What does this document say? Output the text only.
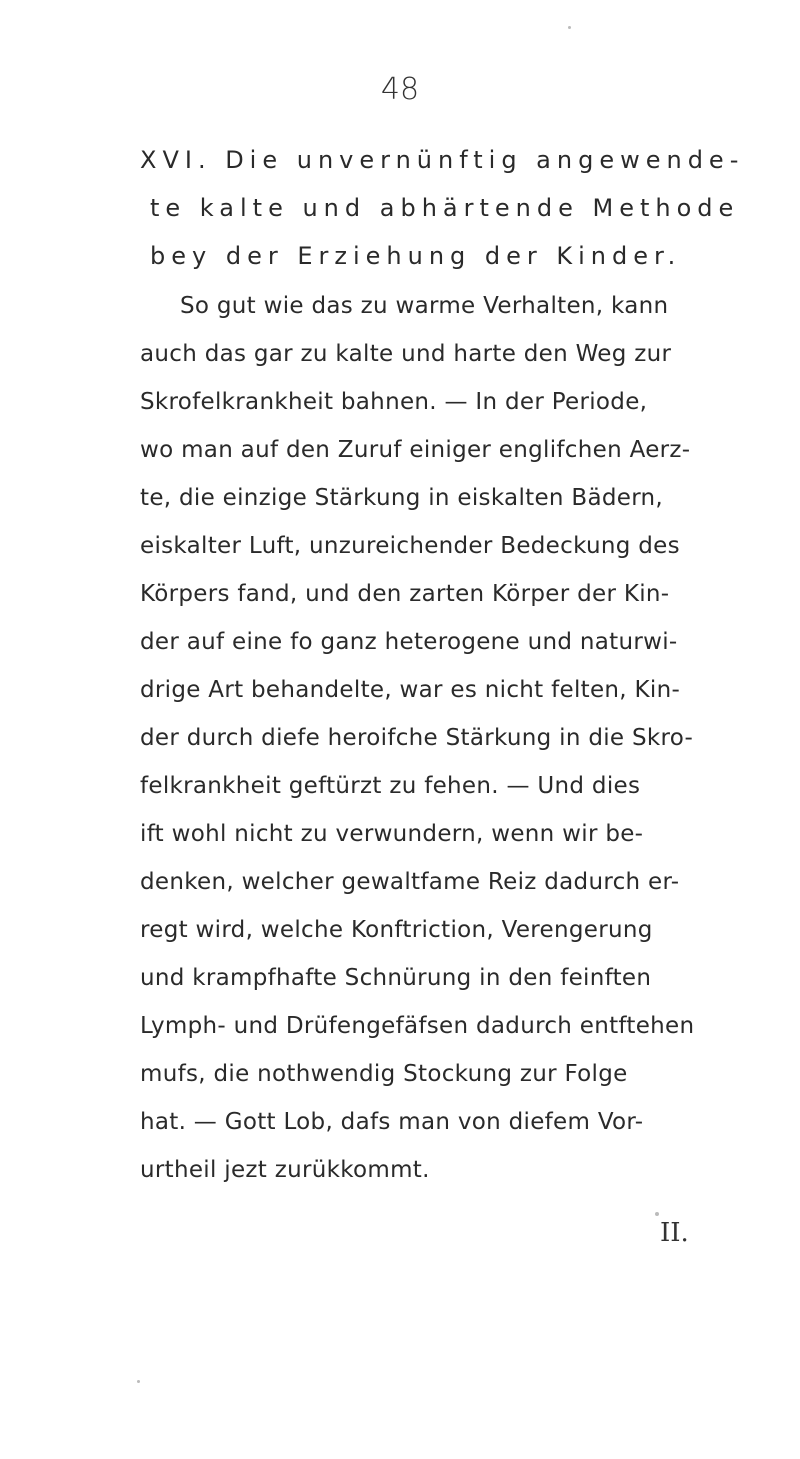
48
XVI. Die unvernünftig angewende-
te kalte und abhärtende Methode
bey der Erziehung der Kinder.
So gut wie das zu warme Verhalten, kann
auch das gar zu kalte und harte den Weg zur
Skrofelkrankheit bahnen. — In der Periode,
wo man auf den Zuruf einiger englifchen Aerz-
te, die einzige Stärkung in eiskalten Bädern,
eiskalter Luft, unzureichender Bedeckung des
Körpers fand, und den zarten Körper der Kin-
der auf eine fo ganz heterogene und naturwi-
drige Art behandelte, war es nicht felten, Kin-
der durch diefe heroifche Stärkung in die Skro-
felkrankheit geftürzt zu fehen. — Und dies
ift wohl nicht zu verwundern, wenn wir be-
denken, welcher gewaltfame Reiz dadurch er-
regt wird, welche Konftriction, Verengerung
und krampfhafte Schnürung in den feinften
Lymph- und Drüfengefäfsen dadurch entftehen
mufs, die nothwendig Stockung zur Folge
hat. — Gott Lob, dafs man von diefem Vor-
urtheil jezt zurükkommt.
II.
